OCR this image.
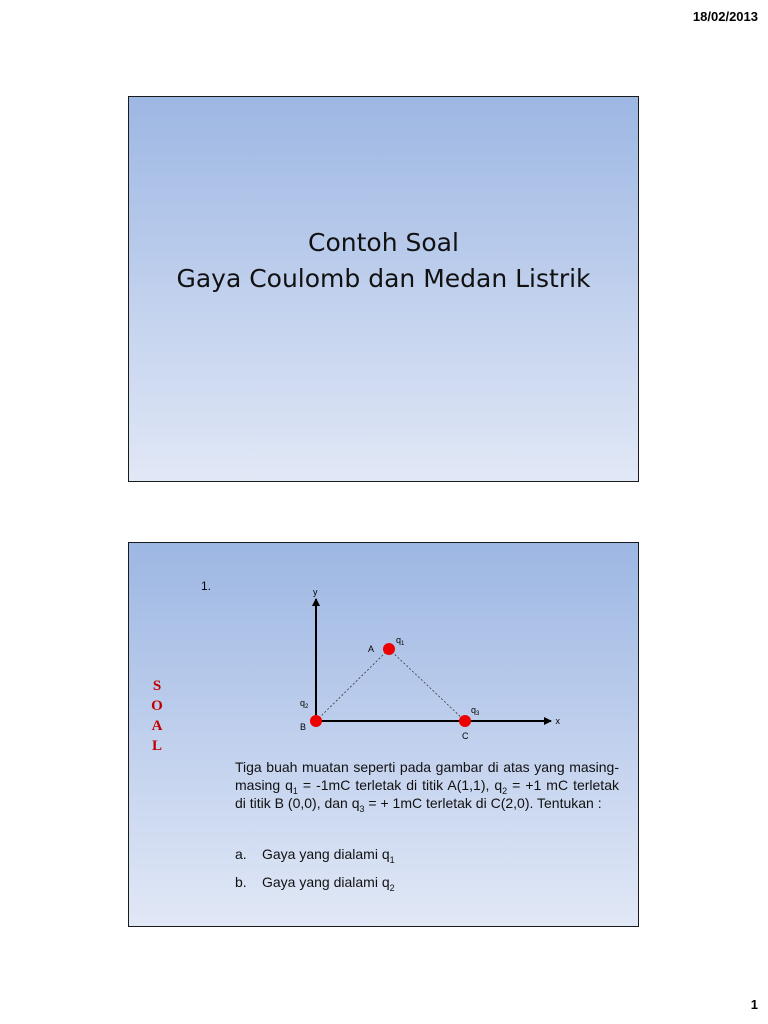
18/02/2013
Contoh Soal
Gaya Coulomb dan Medan Listrik
1.
S
O
A
L
y
x
A
B
C
$q_1$
$q_2$	$q_3$
Tiga buah muatan seperti pada gambar di atas yang masing-masing $q_1 = -1mC$ terletak di titik A(1,1), $q_2 = +1$ mC terletak di titik B (0,0), dan $q_3$ = + 1mC terletak di C(2,0). Tentukan :
a.	Gaya yang dialami $q_1$
b.	Gaya yang dialami $q_2$
1
